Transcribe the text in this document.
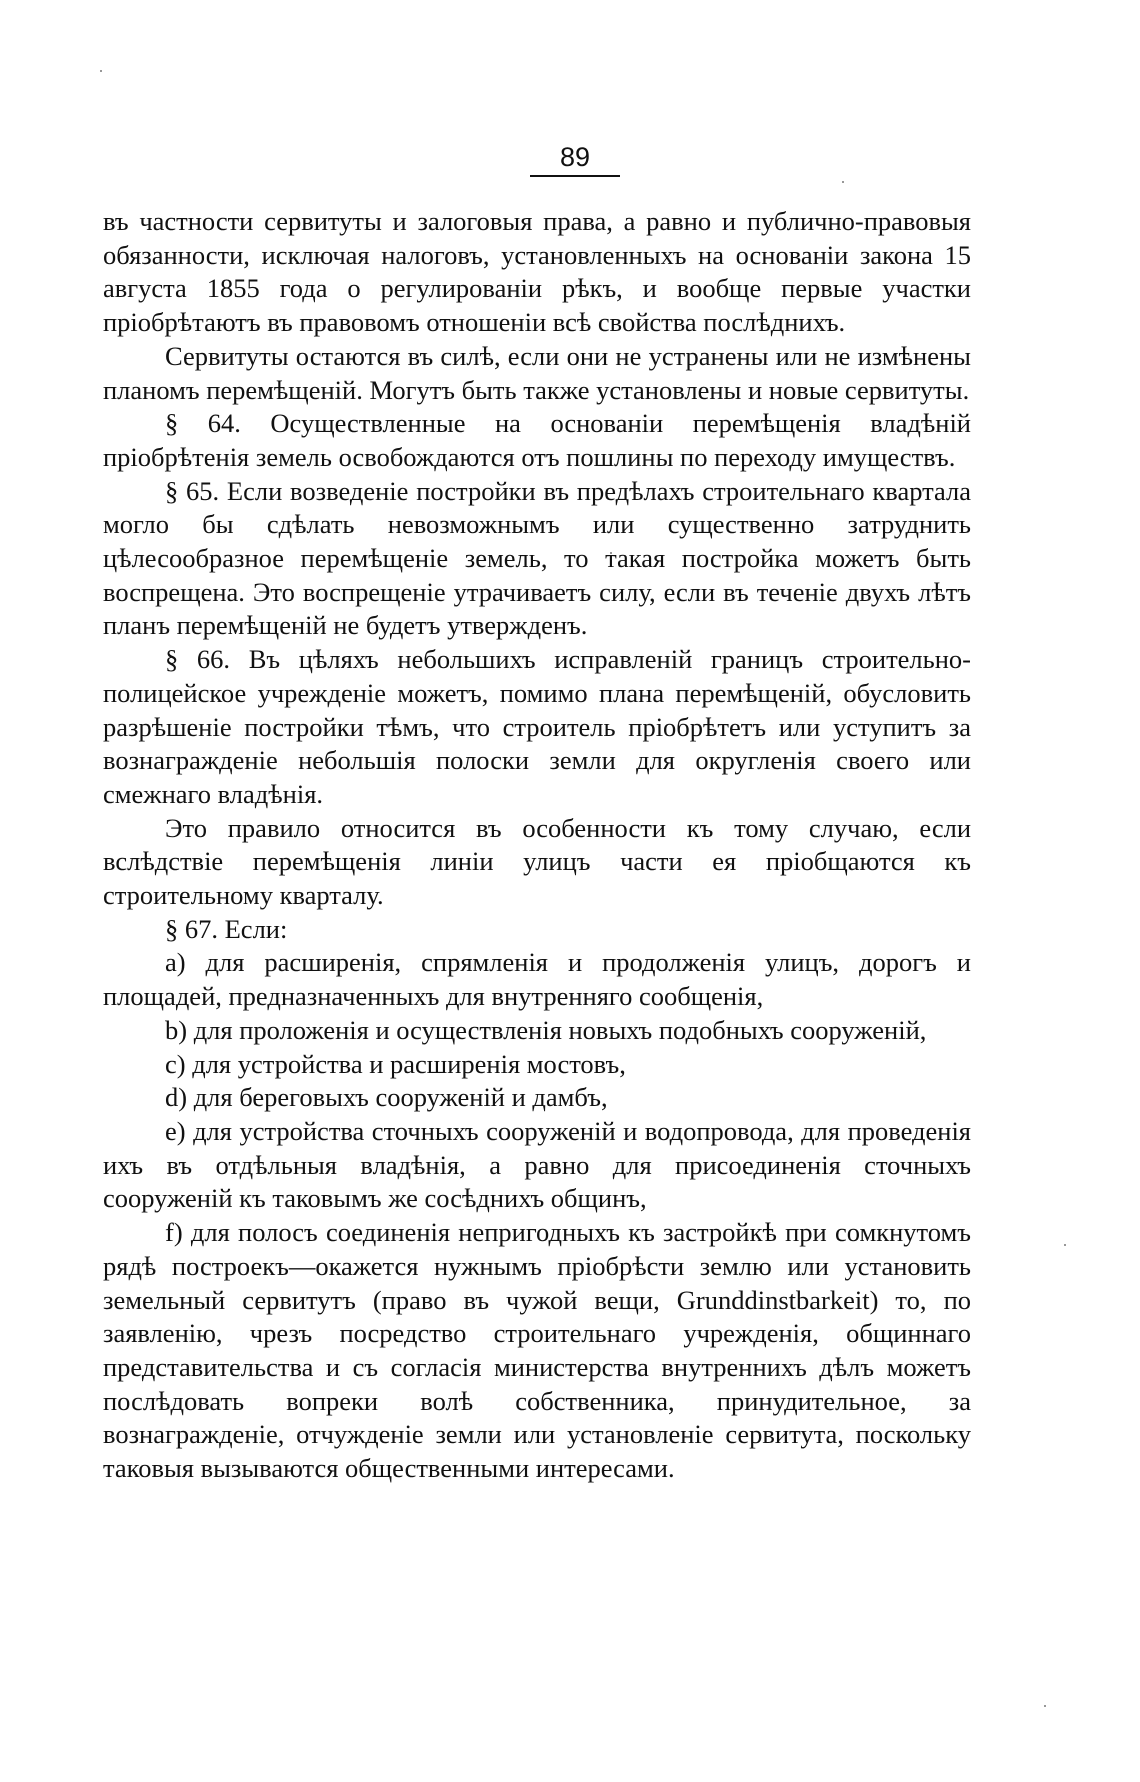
89

въ частности сервитуты и залоговыя права, а равно и публично-правовыя обязанности, исключая налоговъ, установленныхъ на основанiи закона 15 августа 1855 года о регулированiи рѣкъ, и вообще первые участки прiобрѣтаютъ въ правовомъ отношенiи всѣ свойства послѣднихъ.

Сервитуты остаются въ силѣ, если они не устранены или не измѣнены планомъ перемѣщенiй. Могутъ быть также установлены и новые сервитуты.

§ 64. Осуществленные на основанiи перемѣщенiя владѣнiй прiобрѣтенiя земель освобождаются отъ пошлины по переходу имуществъ.

§ 65. Если возведенiе постройки въ предѣлахъ строительнаго квартала могло бы сдѣлать невозможнымъ или существенно затруднить цѣлесообразное перемѣщенiе земель, то такая постройка можетъ быть воспрещена. Это воспрещенiе утрачиваетъ силу, если въ теченiе двухъ лѣтъ планъ перемѣщенiй не будетъ утвержденъ.

§ 66. Въ цѣляхъ небольшихъ исправленiй границъ строительно-полицейское учрежденiе можетъ, помимо плана перемѣщенiй, обусловить разрѣшенiе постройки тѣмъ, что строитель прiобрѣтетъ или уступитъ за вознагражденiе небольшiя полоски земли для округленiя своего или смежнаго владѣнiя.

Это правило относится въ особенности къ тому случаю, если вслѣдствiе перемѣщенiя линiи улицъ части ея прiобщаются къ строительному кварталу.

§ 67. Если:

a) для расширенiя, спрямленiя и продолженiя улицъ, дорогъ и площадей, предназначенныхъ для внутренняго сообщенiя,

b) для проложенiя и осуществленiя новыхъ подобныхъ сооруженiй,

c) для устройства и расширенiя мостовъ,

d) для береговыхъ сооруженiй и дамбъ,

e) для устройства сточныхъ сооруженiй и водопровода, для проведенiя ихъ въ отдѣльныя владѣнiя, а равно для присоединенiя сточныхъ сооруженiй къ таковымъ же сосѣднихъ общинъ,

f) для полосъ соединенiя непригодныхъ къ застройкѣ при сомкнутомъ рядѣ построекъ—окажется нужнымъ прiобрѣсти землю или установить земельный сервитутъ (право въ чужой вещи, Grunddinstbarkeit) то, по заявленiю, чрезъ посредство строительнаго учрежденiя, общиннаго представительства и съ согласiя министерства внутреннихъ дѣлъ можетъ послѣдовать вопреки волѣ собственника, принудительное, за вознагражденiе, отчужденiе земли или установленiе сервитута, поскольку таковыя вызываются общественными интересами.
